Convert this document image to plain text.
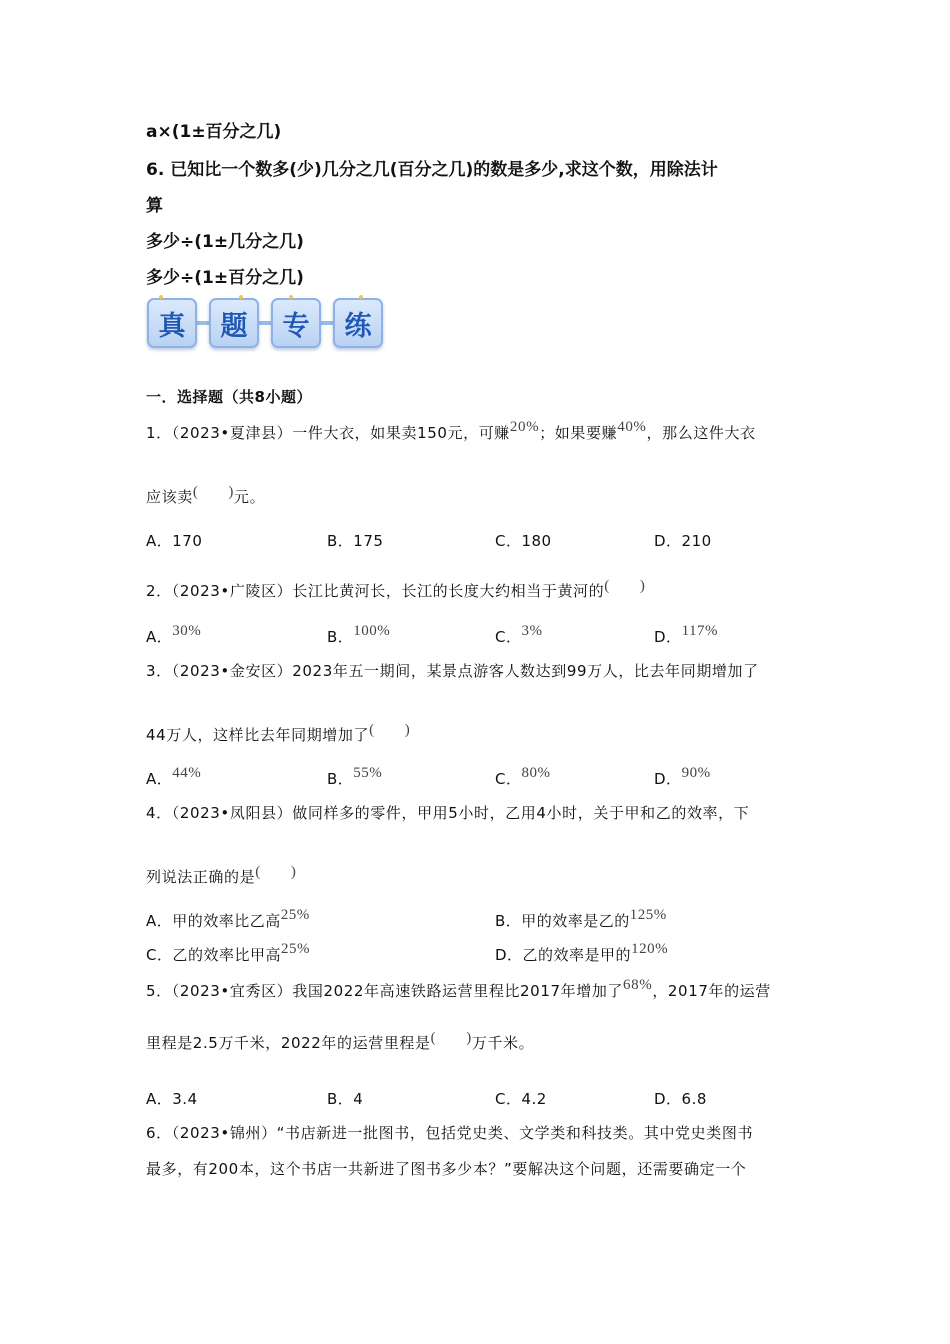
a×(1±百分之几)
6. 已知比一个数多(少)几分之几(百分之几)的数是多少,求这个数，用除法计
算
多少÷(1±几分之几)
多少÷(1±百分之几)
真 题 专 练
一．选择题（共8小题）
1．（2023•夏津县）一件大衣，如果卖150元，可赚20%；如果要赚40%，那么这件大衣
应该卖( )元。
A．170	B．175	C．180	D．210
2．（2023•广陵区）长江比黄河长，长江的长度大约相当于黄河的( )
A．30%	B．100%	C．3%	D．117%
3．（2023•金安区）2023年五一期间，某景点游客人数达到99万人，比去年同期增加了
44万人，这样比去年同期增加了( )
A．44%	B．55%	C．80%	D．90%
4．（2023•凤阳县）做同样多的零件，甲用5小时，乙用4小时，关于甲和乙的效率，下
列说法正确的是( )
A．甲的效率比乙高25%	B．甲的效率是乙的125%
C．乙的效率比甲高25%	D．乙的效率是甲的120%
5．（2023•宜秀区）我国2022年高速铁路运营里程比2017年增加了68%，2017年的运营
里程是2.5万千米，2022年的运营里程是( )万千米。
A．3.4	B．4	C．4.2	D．6.8
6．（2023•锦州）“书店新进一批图书，包括党史类、文学类和科技类。其中党史类图书
最多，有200本，这个书店一共新进了图书多少本？”要解决这个问题，还需要确定一个
